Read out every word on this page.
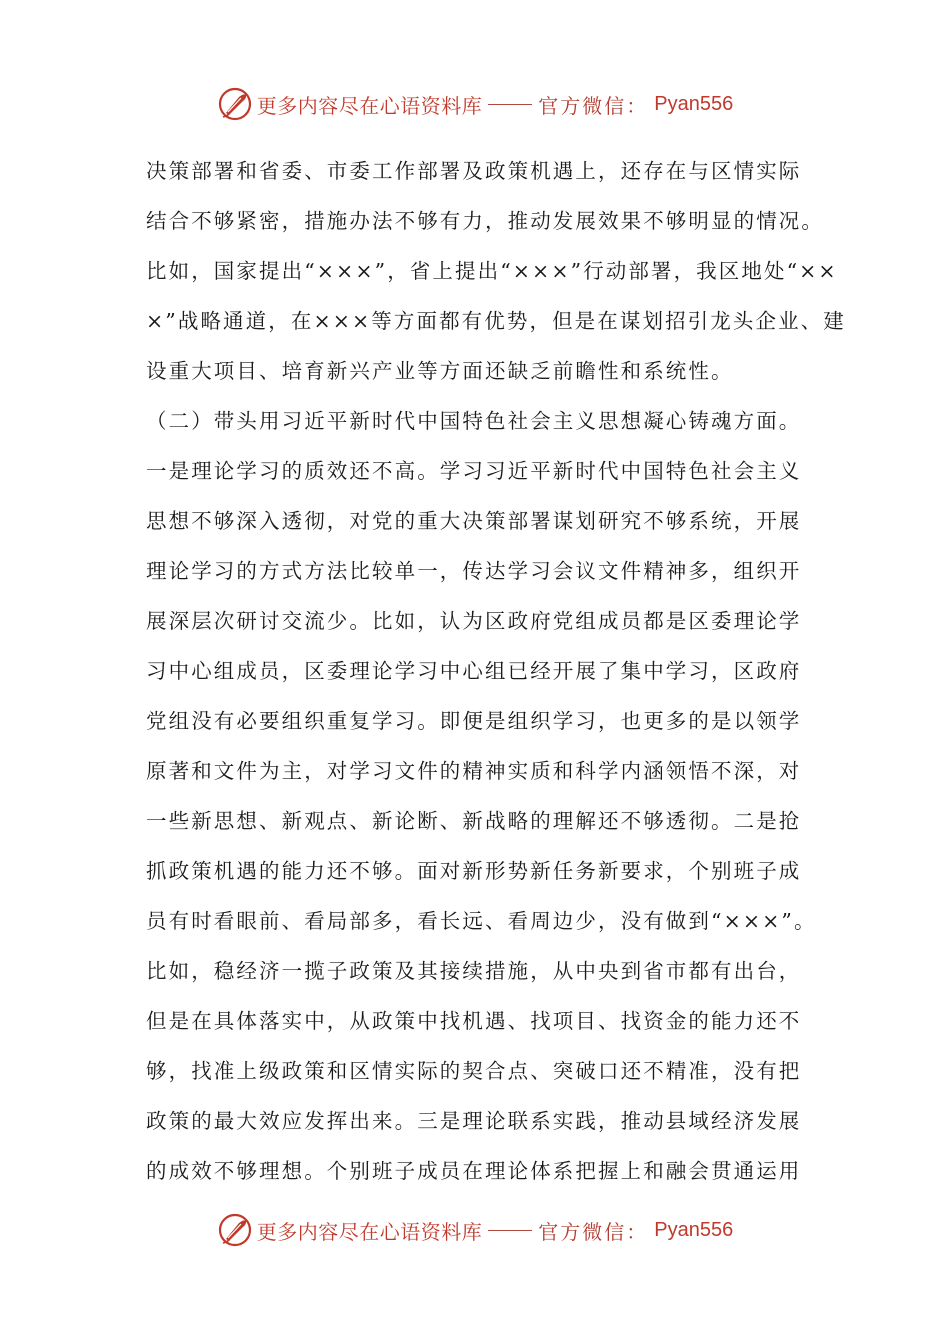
更多内容尽在心语资料库	官方微信： Pyan556
决策部署和省委、市委工作部署及政策机遇上，还存在与区情实际
结合不够紧密，措施办法不够有力，推动发展效果不够明显的情况。
比如，国家提出“×××”，省上提出“×××”行动部署，我区地处“××
×”战略通道，在×××等方面都有优势，但是在谋划招引龙头企业、建
设重大项目、培育新兴产业等方面还缺乏前瞻性和系统性。
（二）带头用习近平新时代中国特色社会主义思想凝心铸魂方面。
一是理论学习的质效还不高。学习习近平新时代中国特色社会主义
思想不够深入透彻，对党的重大决策部署谋划研究不够系统，开展
理论学习的方式方法比较单一，传达学习会议文件精神多，组织开
展深层次研讨交流少。比如，认为区政府党组成员都是区委理论学
习中心组成员，区委理论学习中心组已经开展了集中学习，区政府
党组没有必要组织重复学习。即便是组织学习，也更多的是以领学
原著和文件为主，对学习文件的精神实质和科学内涵领悟不深，对
一些新思想、新观点、新论断、新战略的理解还不够透彻。二是抢
抓政策机遇的能力还不够。面对新形势新任务新要求，个别班子成
员有时看眼前、看局部多，看长远、看周边少，没有做到“×××”。
比如，稳经济一揽子政策及其接续措施，从中央到省市都有出台，
但是在具体落实中，从政策中找机遇、找项目、找资金的能力还不
够，找准上级政策和区情实际的契合点、突破口还不精准，没有把
政策的最大效应发挥出来。三是理论联系实践，推动县域经济发展
的成效不够理想。个别班子成员在理论体系把握上和融会贯通运用
更多内容尽在心语资料库	官方微信： Pyan556
